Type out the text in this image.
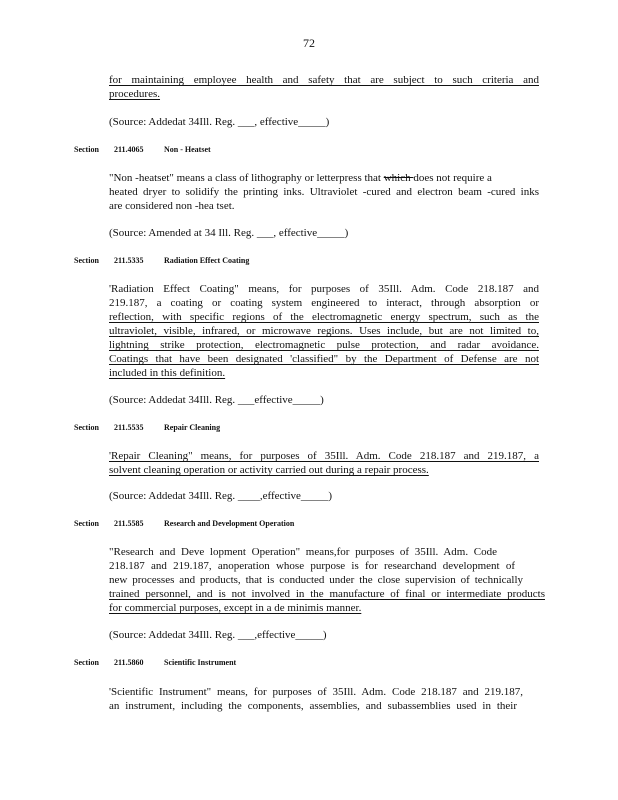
72
for maintaining employee health and safety that are subject to such criteria and
procedures.
(Source: Addedat 34Ill. Reg. ___, effective_____)
Section 211.4065	Non - Heatset
"Non -heatset" means a class of lithography or letterpress that which does not require a
heated dryer to solidify the printing inks. Ultraviolet -cured and electron beam -cured inks
are considered non -hea tset.
(Source: Amended at 34 Ill. Reg. ___, effective_____)
Section 211.5335	Radiation Effect Coating
'Radiation Effect Coating" means, for purposes of 35Ill. Adm. Code 218.187 and
219.187, a coating or coating system engineered to interact, through absorption or
reflection, with specific regions of the electromagnetic energy spectrum, such as the
ultraviolet, visible, infrared, or microwave regions. Uses include, but are not limited to,
lightning strike protection, electromagnetic pulse protection, and radar avoidance.
Coatings that have been designated 'classified" by the Department of Defense are not
included in this definition.
(Source: Addedat 34Ill. Reg. ___effective_____)
Section 211.5535	Repair Cleaning
'Repair Cleaning" means, for purposes of 35Ill. Adm. Code 218.187 and 219.187, a
solvent cleaning operation or activity carried out during a repair process.
(Source: Addedat 34Ill. Reg. ____,effective_____)
Section 211.5585	Research and Development Operation
"Research and Deve lopment Operation" means,for purposes of 35Ill. Adm. Code
218.187 and 219.187, anoperation whose purpose is for researchand development of
new processes and products, that is conducted under the close supervision of technically
trained personnel, and is not involved in the manufacture of final or intermediate products
for commercial purposes, except in a de minimis manner.
(Source: Addedat 34Ill. Reg. ___,effective_____)
Section 211.5860	Scientific Instrument
'Scientific Instrument" means, for purposes of 35Ill. Adm. Code 218.187 and 219.187,
an instrument, including the components, assemblies, and subassemblies used in their
